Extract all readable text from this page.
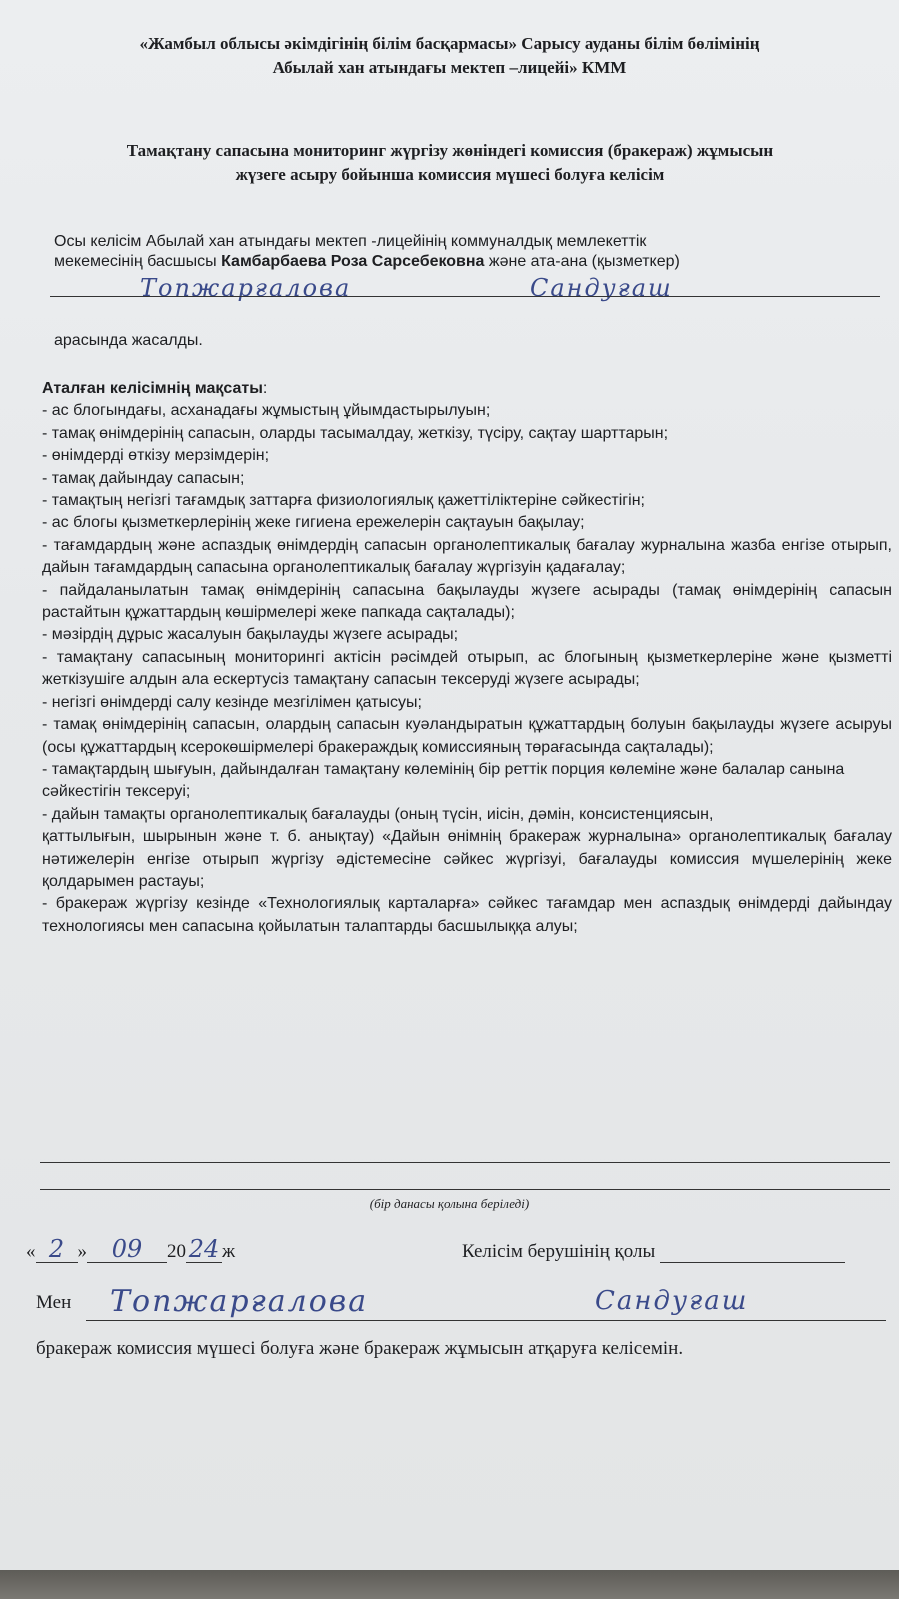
«Жамбыл облысы әкімдігінің білім басқармасы» Сарысу ауданы білім бөлімінің
Абылай хан атындағы мектеп –лицейі» КММ
Тамақтану сапасына мониторинг жүргізу жөніндегі комиссия (бракераж) жұмысын
жүзеге асыру бойынша комиссия мүшесі болуға келісім
Осы келісім Абылай хан атындағы мектеп -лицейінің коммуналдық мемлекеттік
мекемесінің басшысы Камбарбаева Роза Сарсебековна және ата-ана (қызметкер)
Топжарғалова	Сандуғаш
арасында жасалды.

Аталған келісімнің мақсаты:

- ас блогындағы, асханадағы жұмыстың ұйымдастырылуын;

- тамақ өнімдерінің сапасын, оларды тасымалдау, жеткізу, түсіру, сақтау шарттарын;

- өнімдерді өткізу мерзімдерін;

- тамақ дайындау сапасын;

- тамақтың негізгі тағамдық заттарға физиологиялық қажеттіліктеріне сәйкестігін;

- ас блогы қызметкерлерінің жеке гигиена ережелерін сақтауын бақылау;

- тағамдардың және аспаздық өнімдердің сапасын органолептикалық бағалау журналына жазба енгізе отырып, дайын тағамдардың сапасына органолептикалық бағалау жүргізуін қадағалау;

- пайдаланылатын тамақ өнімдерінің сапасына бақылауды жүзеге асырады (тамақ өнімдерінің сапасын растайтын құжаттардың көшірмелері жеке папкада сақталады);

- мәзірдің дұрыс жасалуын бақылауды жүзеге асырады;

- тамақтану сапасының мониторингі актісін рәсімдей отырып, ас блогының қызметкерлеріне және қызметті жеткізушіге алдын ала ескертусіз тамақтану сапасын тексеруді жүзеге асырады;

- негізгі өнімдерді салу кезінде мезгілімен қатысуы;

- тамақ өнімдерінің сапасын, олардың сапасын куәландыратын құжаттардың болуын бақылауды жүзеге асыруы (осы құжаттардың ксерокөшірмелері бракераждық комиссияның төрағасында сақталады);

- тамақтардың шығуын, дайындалған тамақтану көлемінің бір реттік порция көлеміне және балалар санына сәйкестігін тексеруі;

- дайын тамақты органолептикалық бағалауды (оның түсін, иісін, дәмін, консистенциясын,

қаттылығын, шырынын және т. б. анықтау) «Дайын өнімнің бракераж журналына» органолептикалық бағалау нәтижелерін енгізе отырып жүргізу әдістемесіне сәйкес жүргізуі, бағалауды комиссия мүшелерінің жеке қолдарымен растауы;

- бракераж жүргізу кезінде «Технологиялық карталарға» сәйкес тағамдар мен аспаздық өнімдерді дайындау технологиясы мен сапасына қойылатын талаптарды басшылыққа алуы;

(бір данасы қолына беріледі)
« 2 » 09 20 24 ж	Келісім берушінің қолы
Мен Топжарғалова	Сандуғаш
бракераж комиссия мүшесі болуға және бракераж жұмысын атқаруға келісемін.
